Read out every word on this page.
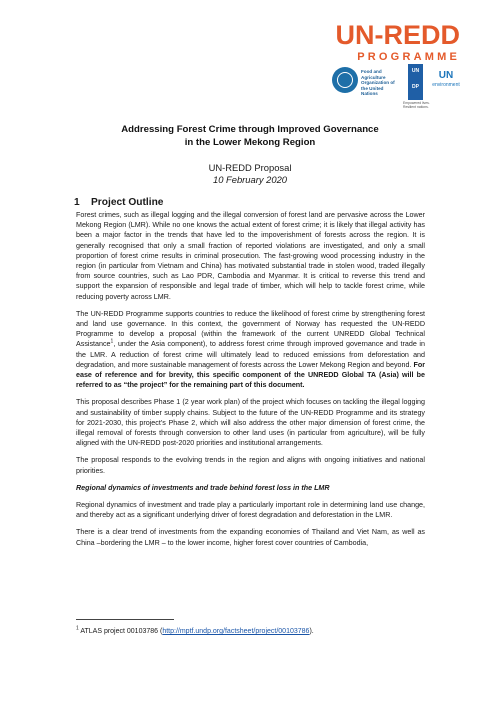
UN-REDD
PROGRAMME
Food and Agriculture Organization of the United Nations
UN
DP
Empowered lives. Resilient nations.
UN
environment
Addressing Forest Crime through Improved Governance
in the Lower Mekong Region
UN-REDD Proposal
10 February 2020
1 Project Outline

Forest crimes, such as illegal logging and the illegal conversion of forest land are pervasive across the Lower Mekong Region (LMR). While no one knows the actual extent of forest crime; it is likely that illegal activity has been a major factor in the trends that have led to the impoverishment of forests across the region. It is generally recognised that only a small fraction of reported violations are investigated, and only a small proportion of forest crime results in criminal prosecution. The fast-growing wood processing industry in the region (in particular from Vietnam and China) has motivated substantial trade in stolen wood, traded illegally from source countries, such as Lao PDR, Cambodia and Myanmar. It is critical to reverse this trend and support the expansion of responsible and legal trade of timber, which will help to tackle forest crime, while reducing poverty across LMR.

The UN-REDD Programme supports countries to reduce the likelihood of forest crime by strengthening forest and land use governance. In this context, the government of Norway has requested the UN-REDD Programme to develop a proposal (within the framework of the current UNREDD Global Technical Assistance$^1$, under the Asia component), to address forest crime through improved governance and trade in the LMR. A reduction of forest crime will ultimately lead to reduced emissions from deforestation and degradation, and more sustainable management of forests across the Lower Mekong Region and beyond. For ease of reference and for brevity, this specific component of the UNREDD Global TA (Asia) will be referred to as “the project” for the remaining part of this document.

This proposal describes Phase 1 (2 year work plan) of the project which focuses on tackling the illegal logging and sustainability of timber supply chains. Subject to the future of the UN-REDD Programme and its strategy for 2021-2030, this project’s Phase 2, which will also address the other major dimension of forest crime, the illegal removal of forests through conversion to other land uses (in particular from agriculture), will be fully aligned with the UN-REDD post-2020 priorities and institutional arrangements.

The proposal responds to the evolving trends in the region and aligns with ongoing initiatives and national priorities.

Regional dynamics of investments and trade behind forest loss in the LMR

Regional dynamics of investment and trade play a particularly important role in determining land use change, and thereby act as a significant underlying driver of forest degradation and deforestation in the LMR.

There is a clear trend of investments from the expanding economies of Thailand and Viet Nam, as well as China –bordering the LMR – to the lower income, higher forest cover countries of Cambodia,

$^1$ ATLAS project 00103786 (http://mptf.undp.org/factsheet/project/00103786).
